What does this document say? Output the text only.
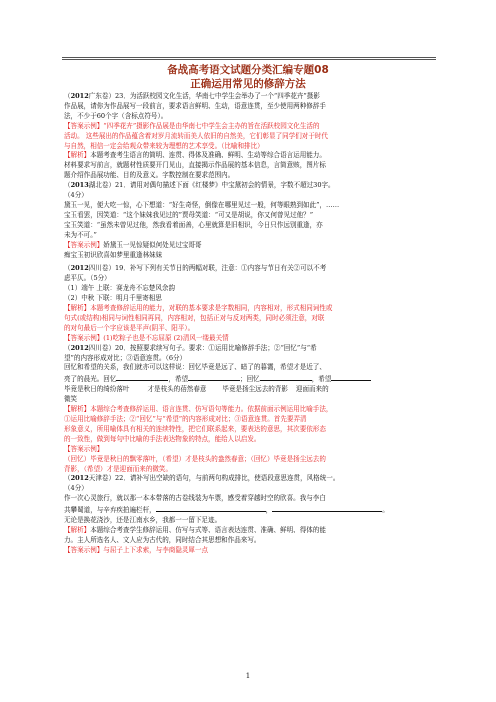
备战高考语文试题分类汇编专题08
正确运用常见的修辞方法

（2012广东卷）23．为活跃校园文化生活，华南七中学生会举办了一个“四季花卉”摄影

作品展，请你为作品展写一段前言，要求语言鲜明、生动，语意连贯，至少使用两种修辞手

法，不少于60个字（含标点符号）。

【答案示例】“四季花卉”摄影作品展是由华南七中学生会主办的旨在活跃校园文化生活的

活动。 这些展出的作品蕴含着对岁月流转而美人依旧的自然美，它们彰显了同学们对于时代

与自然，相信一定会给观众带来较为理想的艺术享受。（比喻和排比）

【解析】本题考查考生语言的简明、连贯、得体及准确、鲜明、生动等综合语言运用能力。

材料要求写前言，就题材性质要开门见山，直接揭示作品展的基本信息，言简意赅，图片标

题介绍作品展功能、目的及意义。字数控制在要求范围内。

（2013湖北卷）21．请用对偶句描述下面《红楼梦》中宝黛初会的情景，字数不超过30字。

（4分）

黛玉一见，便大吃一惊，心下想道：“好生奇怪，倒像在哪里见过一般，何等眼熟到如此”，……

宝玉看罢，因笑道：“这个妹妹我见过的”贾母笑道：“可又是胡说，你又何曾见过他？”

宝玉笑道：“虽然未曾见过他，然我看着面善，心里就算是旧相识，今日只作远别重逢，亦

未为不可。”

【答案示例】娇黛玉一见惊疑似何处见过宝哥哥

痴宝玉初识欣喜如梦里重逢林妹妹

（2012四川卷）19．补写下列有关节日的两幅对联，注意：①内容与节日有关②可以不考

虑平仄。（5分）

（1）端午 上联：赛龙舟不忘楚风余韵

（2）中秋 下联：明月千里寄相思

【解析】本题考查修辞运用的能力，对联的基本要求是字数相同，内容相对，形式相同词性或

句式(或结构)相同与词性相同再同，内容相对，包括正对与反对两类，同时必须注意，对联

的对句最后一个字应该是平声(阴平、阳平）。

【答案示例】(1)吃粽子也是不忘屈原 (2)清风一缕最关情

（2012四川卷）20．按照要求续写句子。要求：①运用比喻修辞手法；②“回忆”与“希

望”的内容形成对比；③语意连贯。（6分）

回忆和希望的关系，我们就亦可以这样说：回忆毕竟是远了、暗了的暮霭，希望才是近了、

亮了的晨光。回忆	，希望	；回忆	，希望

毕竟是秋日的绮纷落叶	才是枝头的蓓然春意 毕竟是扬尘远去的背影 迎面而来的

微笑

【解析】本题综合考查修辞运用、语言连贯、仿写语句等能力。依据前面示例运用比喻手法，

①运用比喻修辞手法；②“回忆”与“希望”的内容形成对比；③语意连贯。首先要弄清

形象意义，所用喻体具有相关的连续特性，把它们联系起来，要表达的意思，其次要依形态

的一致性，做到每句中比喻的手法表达物象的特点，能给人以启发。

【答案示例】

（回忆）毕竟是秋日的飘零落叶，（希望）才是枝头的盎然春意；（回忆）毕竟是扬尘远去的

背影，（希望）才是迎面而来的微笑。

（2012天津卷）22．请补写出空缺的语句，与前两句构成排比，使语段意思连贯，风格统一。

（4分）

作一次心灵旅行，就以那一本本带落的古卷线装为车票，感受着穿越时空的欣喜。我与李白

共攀蜀道，与辛弃疾拍遍栏杆，	，	。

无论是换花浇沙，还是江南水乡，我都一一留下足迹。

【解析】本题综合考查学生修辞运用、仿写与式等、语言表达连贯、准确、鲜明、得体的能

力。主人所选名人、文人应为古代的，同时结合其思想和作品来写。

【答案示例】与屈子上下求索，与李商隐灵犀一点

1
